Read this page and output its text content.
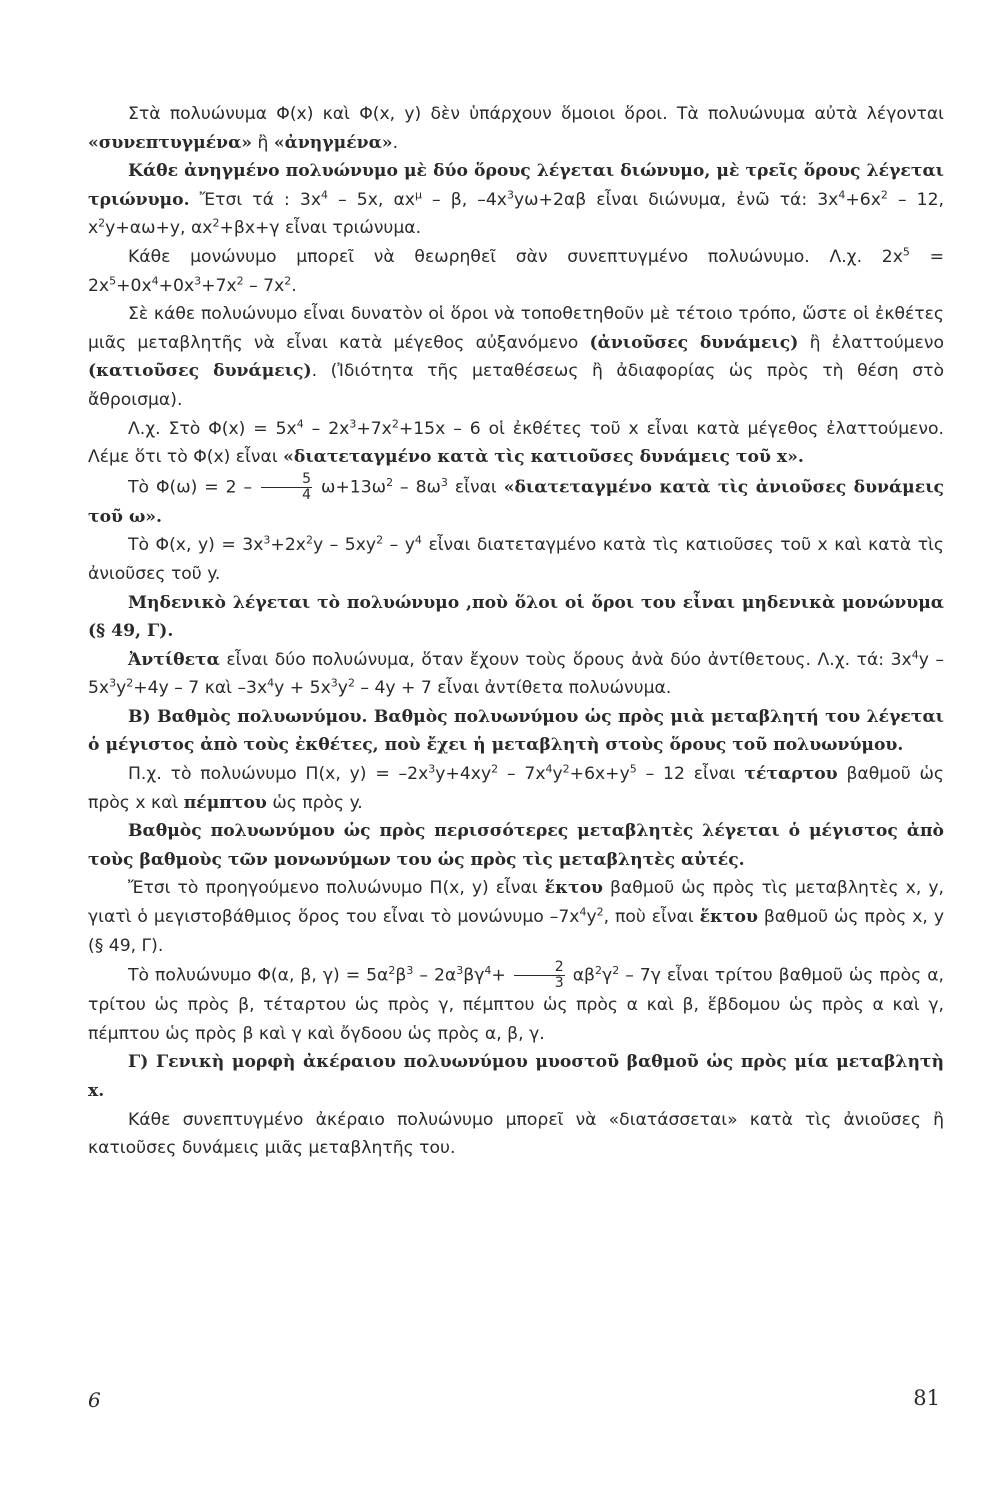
Στὰ πολυώνυμα Φ(x) καὶ Φ(x, y) δὲν ὑπάρχουν ὅμοιοι ὅροι. Τὰ πολυώνυμα αὐτὰ λέγονται «συνεπτυγμένα» ἢ «ἀνηγμένα».

Κάθε ἀνηγμένο πολυώνυμο μὲ δύο ὅρους λέγεται διώνυμο, μὲ τρεῖς ὅρους λέγεται τριώνυμο. Ἔτσι τά : $3x^4 - 5x$, $\alpha x^\mu$ – β, $-4x^3y\omega+2\alpha\beta$ εἶναι διώνυμα, ἐνῶ τά: $3x^4+6x^2 - 12$, $x^2y+\alpha\omega+y$, $\alpha x^2+\beta x+\gamma$ εἶναι τριώνυμα.

Κάθε μονώνυμο μπορεῖ νὰ θεωρηθεῖ σὰν συνεπτυγμένο πολυώνυμο. Λ.χ. $2x^5 = 2x^5+0x^4+0x^3+7x^2 - 7x^2$.

Σὲ κάθε πολυώνυμο εἶναι δυνατὸν οἱ ὅροι νὰ τοποθετηθοῦν μὲ τέτοιο τρόπο, ὥστε οἱ ἐκθέτες μιᾶς μεταβλητῆς νὰ εἶναι κατὰ μέγεθος αὐξανόμενο (ἀνιοῦσες δυνάμεις) ἢ ἐλαττούμενο (κατιοῦσες δυνάμεις). (Ἰδιότητα τῆς μεταθέσεως ἢ ἀδιαφορίας ὡς πρὸς τὴ θέση στὸ ἄθροισμα).

Λ.χ. Στὸ $\Phi(x) = 5x^4 - 2x^3+7x^2+15x - 6$ οἱ ἐκθέτες τοῦ x εἶναι κατὰ μέγεθος ἐλαττούμενο. Λέμε ὅτι τὸ Φ(x) εἶναι «διατεταγμένο κατὰ τὶς κατιοῦσες δυνάμεις τοῦ x».

Τὸ $\Phi(\omega) = 2 - \frac{5}{4} \omega+13\omega^2 - 8\omega^3$ εἶναι «διατεταγμένο κατὰ τὶς ἀνιοῦσες δυνάμεις τοῦ ω».

Τὸ Φ(x, $y) = 3x^3+2x^2y - 5xy^2 - y^4$ εἶναι διατεταγμένο κατὰ τὶς κατιοῦσες τοῦ x καὶ κατὰ τὶς ἀνιοῦσες τοῦ y.

Μηδενικὸ λέγεται τὸ πολυώνυμο ,ποὺ ὅλοι οἱ ὅροι του εἶναι μηδενικὰ μονώνυμα (§ 49, Γ).

Ἀντίθετα εἶναι δύο πολυώνυμα, ὅταν ἔχουν τοὺς ὅρους ἀνὰ δύο ἀντίθετους. Λ.χ. τά: $3x^4y - 5x^3y^2+4y - 7$ καὶ $-3x^4y + 5x^3y^2 - 4y + 7$ εἶναι ἀντίθετα πολυώνυμα.

Β) Βαθμὸς πολυωνύμου. Βαθμὸς πολυωνύμου ὡς πρὸς μιὰ μεταβλητή του λέγεται ὁ μέγιστος ἀπὸ τοὺς ἐκθέτες, ποὺ ἔχει ἡ μεταβλητὴ στοὺς ὅρους τοῦ πολυωνύμου.

Π.χ. τὸ πολυώνυμο Π(x, $y) = -2x^3y+4xy^2 - 7x^4y^2+6x+y^5 - 12$ εἶναι τέταρτου βαθμοῦ ὡς πρὸς x καὶ πέμπτου ὡς πρὸς y.

Βαθμὸς πολυωνύμου ὡς πρὸς περισσότερες μεταβλητὲς λέγεται ὁ μέγιστος ἀπὸ τοὺς βαθμοὺς τῶν μονωνύμων του ὡς πρὸς τὶς μεταβλητὲς αὐτές.

Ἔτσι τὸ προηγούμενο πολυώνυμο Π(x, y) εἶναι ἕκτου βαθμοῦ ὡς πρὸς τὶς μεταβλητὲς x, y, γιατὶ ὁ μεγιστοβάθμιος ὅρος του εἶναι τὸ μονώνυμο $-7x^4y^2$, ποὺ εἶναι ἕκτου βαθμοῦ ὡς πρὸς x, y (§ 49, Γ).

Τὸ πολυώνυμο Φ(α, β, $\gamma) = 5\alpha^2\beta^3 - 2\alpha^3\beta\gamma^4+ \frac{2}{3} \alpha\beta^2\gamma^2 - 7\gamma$ εἶναι τρίτου βαθμοῦ ὡς πρὸς α, τρίτου ὡς πρὸς β, τέταρτου ὡς πρὸς γ, πέμπτου ὡς πρὸς α καὶ β, ἕβδομου ὡς πρὸς α καὶ γ, πέμπτου ὡς πρὸς β καὶ γ καὶ ὄγδοου ὡς πρὸς α, β, γ.

Γ) Γενικὴ μορφὴ ἀκέραιου πολυωνύμου μυοστοῦ βαθμοῦ ὡς πρὸς μία μεταβλητὴ x.

Κάθε συνεπτυγμένο ἀκέραιο πολυώνυμο μπορεῖ νὰ «διατάσσεται» κατὰ τὶς ἀνιοῦσες ἢ κατιοῦσες δυνάμεις μιᾶς μεταβλητῆς του.

6	81
